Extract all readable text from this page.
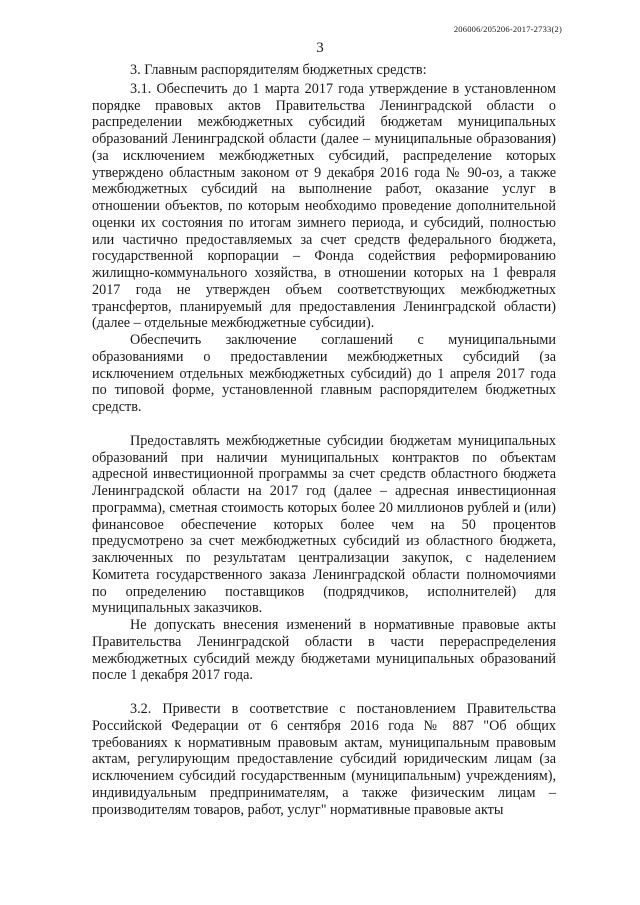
206006/205206-2017-2733(2)
3

3. Главным распорядителям бюджетных средств:

3.1. Обеспечить до 1 марта 2017 года утверждение в установленном порядке правовых актов Правительства Ленинградской области о распределении межбюджетных субсидий бюджетам муниципальных образований Ленинградской области (далее – муниципальные образования) (за исключением межбюджетных субсидий, распределение которых утверждено областным законом от 9 декабря 2016 года № 90-оз, а также межбюджетных субсидий на выполнение работ, оказание услуг в отношении объектов, по которым необходимо проведение дополнительной оценки их состояния по итогам зимнего периода, и субсидий, полностью или частично предоставляемых за счет средств федерального бюджета, государственной корпорации – Фонда содействия реформированию жилищно-коммунального хозяйства, в отношении которых на 1 февраля 2017 года не утвержден объем соответствующих межбюджетных трансфертов, планируемый для предоставления Ленинградской области) (далее – отдельные межбюджетные субсидии).

Обеспечить заключение соглашений с муниципальными образованиями о предоставлении межбюджетных субсидий (за исключением отдельных межбюджетных субсидий) до 1 апреля 2017 года по типовой форме, установленной главным распорядителем бюджетных средств.

Предоставлять межбюджетные субсидии бюджетам муниципальных образований при наличии муниципальных контрактов по объектам адресной инвестиционной программы за счет средств областного бюджета Ленинградской области на 2017 год (далее – адресная инвестиционная программа), сметная стоимость которых более 20 миллионов рублей и (или) финансовое обеспечение которых более чем на 50 процентов предусмотрено за счет межбюджетных субсидий из областного бюджета, заключенных по результатам централизации закупок, с наделением Комитета государственного заказа Ленинградской области полномочиями по определению поставщиков (подрядчиков, исполнителей) для муниципальных заказчиков.

Не допускать внесения изменений в нормативные правовые акты Правительства Ленинградской области в части перераспределения межбюджетных субсидий между бюджетами муниципальных образований после 1 декабря 2017 года.

3.2. Привести в соответствие с постановлением Правительства Российской Федерации от 6 сентября 2016 года № 887 "Об общих требованиях к нормативным правовым актам, муниципальным правовым актам, регулирующим предоставление субсидий юридическим лицам (за исключением субсидий государственным (муниципальным) учреждениям), индивидуальным предпринимателям, а также физическим лицам – производителям товаров, работ, услуг" нормативные правовые акты
